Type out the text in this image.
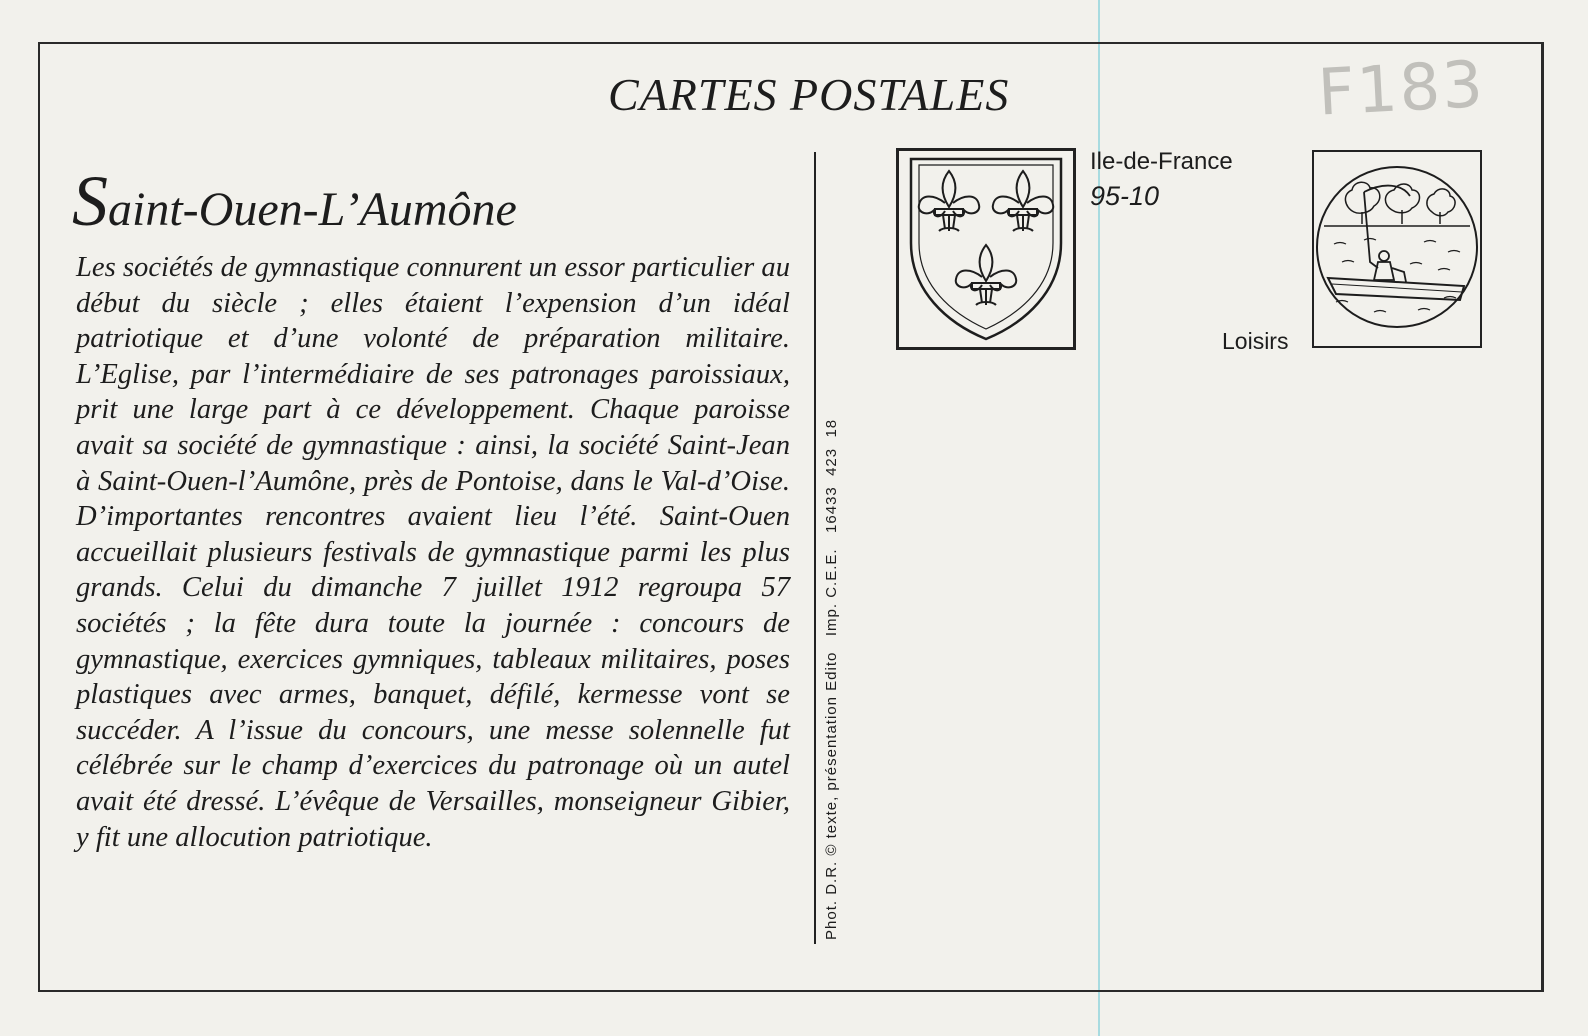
F183
CARTES POSTALES
Saint-Ouen-L’Aumône

Les sociétés de gymnastique connurent un essor particulier au début du siècle ; elles étaient l’expension d’un idéal patriotique et d’une volonté de préparation militaire. L’Eglise, par l’intermédiaire de ses patronages paroissiaux, prit une large part à ce développement. Chaque paroisse avait sa société de gymnastique : ainsi, la société Saint-Jean à Saint-Ouen-l’Aumône, près de Pontoise, dans le Val-d’Oise. D’importantes rencontres avaient lieu l’été. Saint-Ouen accueillait plusieurs festivals de gymnastique parmi les plus grands. Celui du dimanche 7 juillet 1912 regroupa 57 sociétés ; la fête dura toute la journée : concours de gymnastique, exercices gymniques, tableaux militaires, poses plastiques avec armes, banquet, défilé, kermesse vont se succéder. A l’issue du concours, une messe solennelle fut célébrée sur le champ d’exercices du patronage où un autel avait été dressé. L’évêque de Versailles, monseigneur Gibier, y fit une allocution patriotique.	Phot. D.R. © texte, présentation Edito   Imp. C.E.E.   16433  423  18
Ile-de-France
95-10
Loisirs
